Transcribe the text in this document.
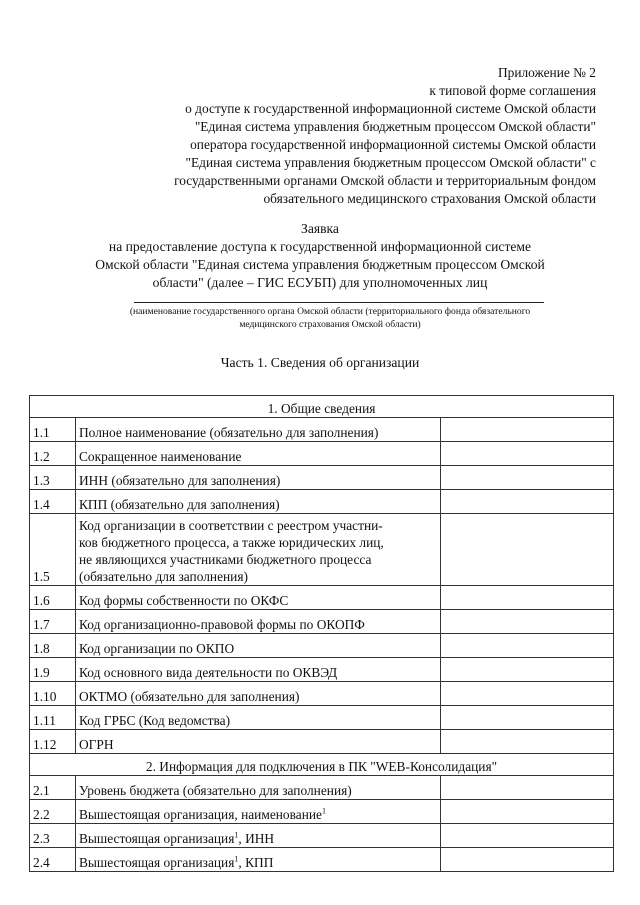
Приложение № 2
к типовой форме соглашения
о доступе к государственной информационной системе Омской области
"Единая система управления бюджетным процессом Омской области"
оператора государственной информационной системы Омской области
"Единая система управления бюджетным процессом Омской области" с
государственными органами Омской области и территориальным фондом
обязательного медицинского страхования Омской области
Заявка
на предоставление доступа к государственной информационной системе
Омской области "Единая система управления бюджетным процессом Омской
области" (далее – ГИС ЕСУБП) для уполномоченных лиц
(наименование государственного органа Омской области (территориального фонда обязательного
медицинского страхования Омской области)
Часть 1. Сведения об организации
1. Общие сведения		
1.1	Полное наименование (обязательно для заполнения)	
1.2	Сокращенное наименование	
1.3	ИНН (обязательно для заполнения)	
1.4	КПП (обязательно для заполнения)	
1.5	Код организации в соответствии с реестром участни-
ков бюджетного процесса, а также юридических лиц,
не являющихся участниками бюджетного процесса
(обязательно для заполнения)	

1.6	Код формы собственности по ОКФС	
1.7	Код организационно-правовой формы по ОКОПФ	
1.8	Код организации по ОКПО	
1.9	Код основного вида деятельности по ОКВЭД	
1.10	ОКТМО (обязательно для заполнения)	
1.11	Код ГРБС (Код ведомства)	
1.12	ОГРН	
2. Информация для подключения в ПК "WEB-Консолидация"		
2.1	Уровень бюджета (обязательно для заполнения)	
2.2	Вышестоящая организация, наименование$^1$	
2.3	Вышестоящая организация$^1$, ИНН	
2.4	Вышестоящая организация$^1$, КПП	
